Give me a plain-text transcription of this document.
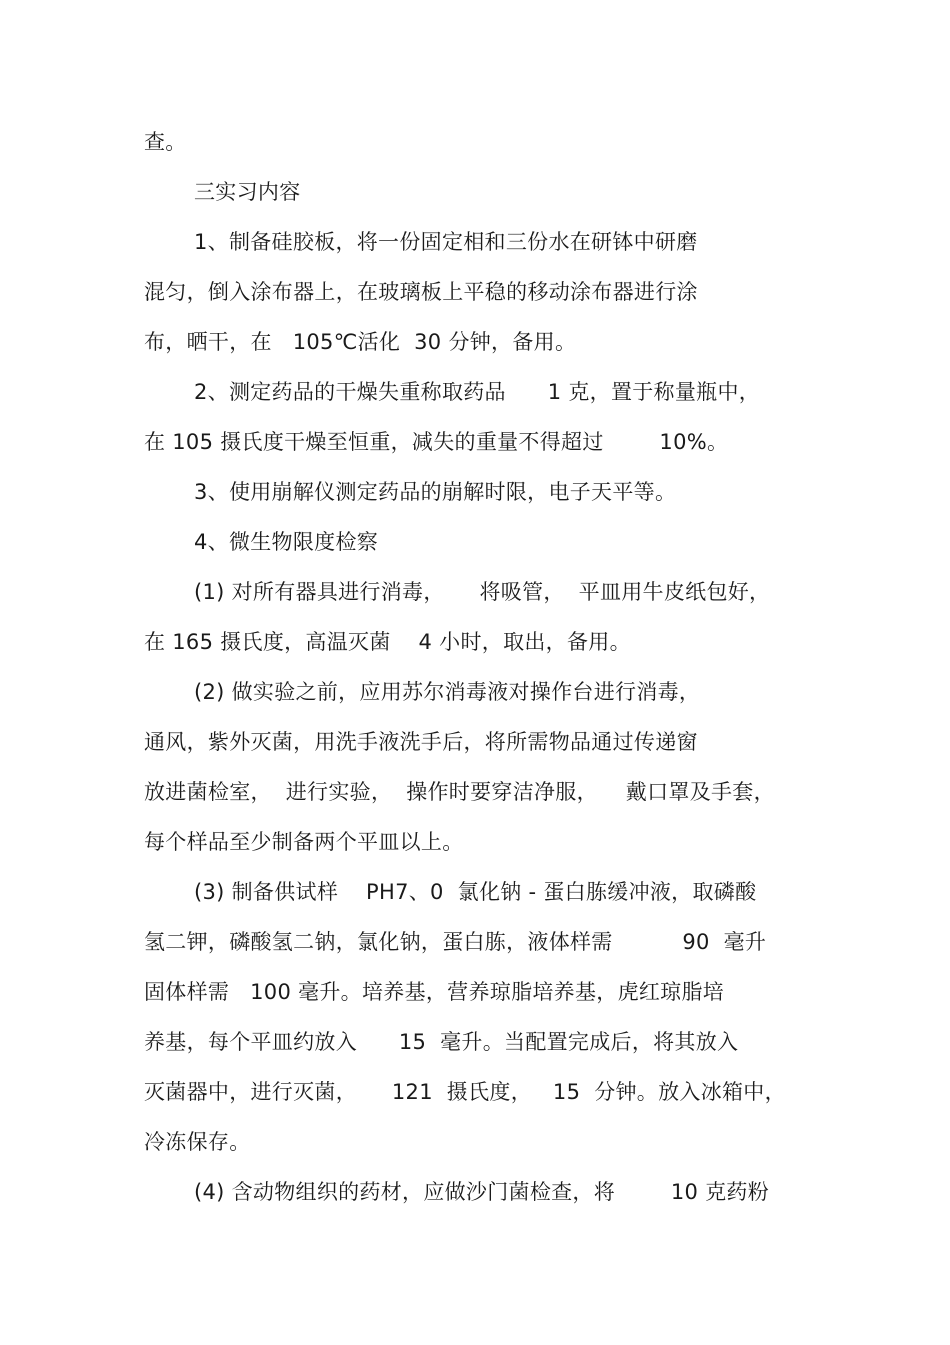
查。
三实习内容
1、制备硅胶板，将一份固定相和三份水在研钵中研磨
混匀，倒入涂布器上，在玻璃板上平稳的移动涂布器进行涂
布，晒干，在   105℃活化  30 分钟，备用。
2、测定药品的干燥失重称取药品      1 克，置于称量瓶中，
在 105 摄氏度干燥至恒重，减失的重量不得超过        10%。
3、使用崩解仪测定药品的崩解时限，电子天平等。
4、微生物限度检察
(1) 对所有器具进行消毒，     将吸管，  平皿用牛皮纸包好，
在 165 摄氏度，高温灭菌    4 小时，取出，备用。
(2) 做实验之前，应用苏尔消毒液对操作台进行消毒，
通风，紫外灭菌，用洗手液洗手后，将所需物品通过传递窗
放进菌检室，  进行实验，  操作时要穿洁净服，    戴口罩及手套，
每个样品至少制备两个平皿以上。
(3) 制备供试样    PH7、0  氯化钠 - 蛋白胨缓冲液，取磷酸
氢二钾，磷酸氢二钠，氯化钠，蛋白胨，液体样需          90  毫升
固体样需   100 毫升。培养基，营养琼脂培养基，虎红琼脂培
养基，每个平皿约放入      15  毫升。当配置完成后，将其放入
灭菌器中，进行灭菌，     121  摄氏度，   15  分钟。放入冰箱中，
冷冻保存。
(4) 含动物组织的药材，应做沙门菌检查，将        10 克药粉
